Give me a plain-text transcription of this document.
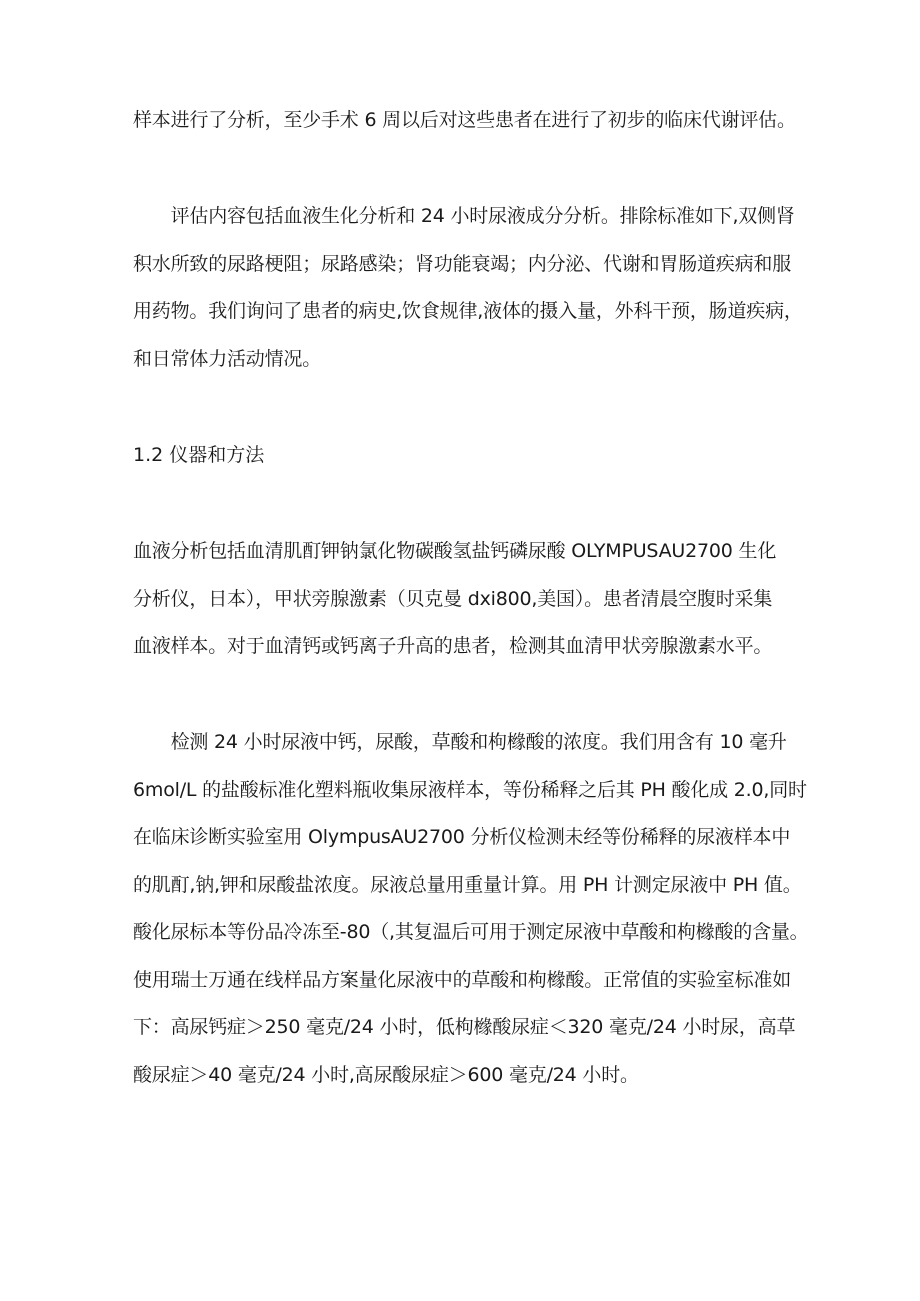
样本进行了分析，至少手术 6 周以后对这些患者在进行了初步的临床代谢评估。
　　评估内容包括血液生化分析和 24 小时尿液成分分析。排除标准如下,双侧肾
积水所致的尿路梗阻；尿路感染；肾功能衰竭；内分泌、代谢和胃肠道疾病和服
用药物。我们询问了患者的病史,饮食规律,液体的摄入量，外科干预，肠道疾病，
和日常体力活动情况。
1.2 仪器和方法
血液分析包括血清肌酊钾钠氯化物碳酸氢盐钙磷尿酸 OLYMPUSAU2700 生化
分析仪，日本），甲状旁腺激素（贝克曼 dxi800,美国）。患者清晨空腹时采集
血液样本。对于血清钙或钙离子升高的患者，检测其血清甲状旁腺激素水平。
　　检测 24 小时尿液中钙，尿酸，草酸和枸橼酸的浓度。我们用含有 10 毫升
6mol/L 的盐酸标准化塑料瓶收集尿液样本，等份稀释之后其 PH 酸化成 2.0,同时
在临床诊断实验室用 OlympusAU2700 分析仪检测未经等份稀释的尿液样本中
的肌酊,钠,钾和尿酸盐浓度。尿液总量用重量计算。用 PH 计测定尿液中 PH 值。
酸化尿标本等份品冷冻至-80（,其复温后可用于测定尿液中草酸和枸橼酸的含量。
使用瑞士万通在线样品方案量化尿液中的草酸和枸橼酸。正常值的实验室标准如
下：高尿钙症＞250 毫克/24 小时，低枸橼酸尿症＜320 毫克/24 小时尿，高草
酸尿症＞40 毫克/24 小时,高尿酸尿症＞600 毫克/24 小时。
